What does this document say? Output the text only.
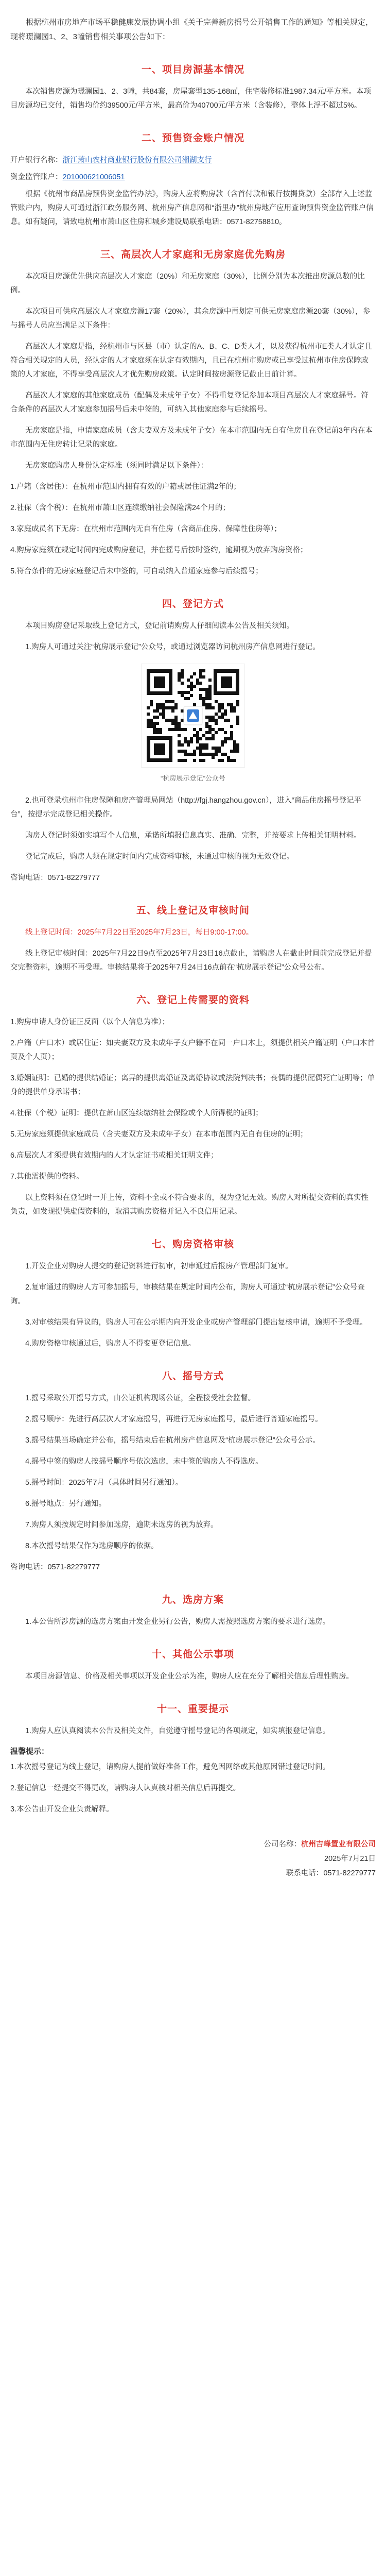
根据杭州市房地产市场平稳健康发展协调小组《关于完善新房摇号公开销售工作的通知》等相关规定，现将璟澜园1、2、3幢销售相关事项公告如下：

一、项目房源基本情况

本次销售房源为璟澜园1、2、3幢，共84套，房屋套型135-168㎡，住宅装修标准1987.34元/平方米。本项目房源均已交付，销售均价约39500元/平方米，最高价为40700元/平方米（含装修），整体上浮不超过5%。

二、预售资金账户情况
开户银行名称：浙江萧山农村商业银行股份有限公司湘湖支行
资金监管账户：201000621006051

根据《杭州市商品房预售资金监管办法》，购房人应将购房款（含首付款和银行按揭贷款）全部存入上述监管账户内，购房人可通过浙江政务服务网、杭州房产信息网和“浙里办”杭州房地产应用查询预售资金监管账户信息。如有疑问，请致电杭州市萧山区住房和城乡建设局联系电话：0571-82758810。

三、高层次人才家庭和无房家庭优先购房

本次项目房源优先供应高层次人才家庭（20%）和无房家庭（30%），比例分别为本次推出房源总数的比例。

本次项目可供应高层次人才家庭房源17套（20%），其余房源中再划定可供无房家庭房源20套（30%），参与摇号人员应当满足以下条件：

高层次人才家庭是指，经杭州市与区县（市）认定的A、B、C、D类人才，以及获得杭州市E类人才认定且符合相关规定的人员，经认定的人才家庭须在认定有效期内，且已在杭州市购房或已享受过杭州市住房保障政策的人才家庭，不得享受高层次人才优先购房政策。认定时间按房源登记截止日前计算。

高层次人才家庭的其他家庭成员（配偶及未成年子女）不得重复登记参加本项目高层次人才家庭摇号。符合条件的高层次人才家庭参加摇号后未中签的，可纳入其他家庭参与后续摇号。

无房家庭是指，申请家庭成员（含夫妻双方及未成年子女）在本市范围内无自有住房且在登记前3年内在本市范围内无住房转让记录的家庭。

无房家庭购房人身份认定标准（须同时满足以下条件）：

1.户籍（含居住）：在杭州市范围内拥有有效的户籍或居住证满2年的；
2.社保（含个税）：在杭州市萧山区连续缴纳社会保险满24个月的；
3.家庭成员名下无房：在杭州市范围内无自有住房（含商品住房、保障性住房等）；
4.购房家庭须在规定时间内完成购房登记，并在摇号后按时签约，逾期视为放弃购房资格；
5.符合条件的无房家庭登记后未中签的，可自动纳入普通家庭参与后续摇号；
四、登记方式

本项目购房登记采取线上登记方式，登记前请购房人仔细阅读本公告及相关须知。

1.购房人可通过关注“杭房展示登记”公众号，或通过浏览器访问杭州房产信息网进行登记。

“杭房展示登记”公众号

2.也可登录杭州市住房保障和房产管理局网站（http://fgj.hangzhou.gov.cn），进入“商品住房摇号登记平台”，按提示完成登记相关操作。

购房人登记时须如实填写个人信息，承诺所填报信息真实、准确、完整，并按要求上传相关证明材料。

登记完成后，购房人须在规定时间内完成资料审核，未通过审核的视为无效登记。

咨询电话：0571-82279777

五、线上登记及审核时间

线上登记时间：2025年7月22日至2025年7月23日，每日9:00-17:00。

线上登记审核时间：2025年7月22日9点至2025年7月23日16点截止，请购房人在截止时间前完成登记并提交完整资料，逾期不再受理。审核结果将于2025年7月24日16点前在“杭房展示登记”公众号公布。

六、登记上传需要的资料
1.购房申请人身份证正反面（以个人信息为准）；
2.户籍（户口本）或居住证：如夫妻双方及未成年子女户籍不在同一户口本上，须提供相关户籍证明（户口本首页及个人页）；
3.婚姻证明：已婚的提供结婚证；离异的提供离婚证及离婚协议或法院判决书；丧偶的提供配偶死亡证明等；单身的提供单身承诺书；
4.社保（个税）证明：提供在萧山区连续缴纳社会保险或个人所得税的证明；
5.无房家庭须提供家庭成员（含夫妻双方及未成年子女）在本市范围内无自有住房的证明；
6.高层次人才须提供有效期内的人才认定证书或相关证明文件；
7.其他需提供的资料。

以上资料须在登记时一并上传，资料不全或不符合要求的，视为登记无效。购房人对所提交资料的真实性负责，如发现提供虚假资料的，取消其购房资格并记入不良信用记录。

七、购房资格审核

1.开发企业对购房人提交的登记资料进行初审，初审通过后报房产管理部门复审。

2.复审通过的购房人方可参加摇号，审核结果在规定时间内公布，购房人可通过“杭房展示登记”公众号查询。

3.对审核结果有异议的，购房人可在公示期内向开发企业或房产管理部门提出复核申请，逾期不予受理。

4.购房资格审核通过后，购房人不得变更登记信息。

八、摇号方式

1.摇号采取公开摇号方式，由公证机构现场公证，全程接受社会监督。

2.摇号顺序：先进行高层次人才家庭摇号，再进行无房家庭摇号，最后进行普通家庭摇号。

3.摇号结果当场确定并公布，摇号结束后在杭州房产信息网及“杭房展示登记”公众号公示。

4.摇号中签的购房人按摇号顺序号依次选房，未中签的购房人不得选房。

5.摇号时间：2025年7月（具体时间另行通知）。

6.摇号地点：另行通知。

7.购房人须按规定时间参加选房，逾期未选房的视为放弃。

8.本次摇号结果仅作为选房顺序的依据。

咨询电话：0571-82279777

九、选房方案

1.本公告所涉房源的选房方案由开发企业另行公告，购房人需按照选房方案的要求进行选房。

十、其他公示事项

本项目房源信息、价格及相关事项以开发企业公示为准，购房人应在充分了解相关信息后理性购房。

十一、重要提示

1.购房人应认真阅读本公告及相关文件，自觉遵守摇号登记的各项规定，如实填报登记信息。

温馨提示：
1.本次摇号登记为线上登记，请购房人提前做好准备工作，避免因网络或其他原因错过登记时间。
2.登记信息一经提交不得更改，请购房人认真核对相关信息后再提交。
3.本公告由开发企业负责解释。
公司名称：杭州吉峰置业有限公司
2025年7月21日
联系电话：0571-82279777
